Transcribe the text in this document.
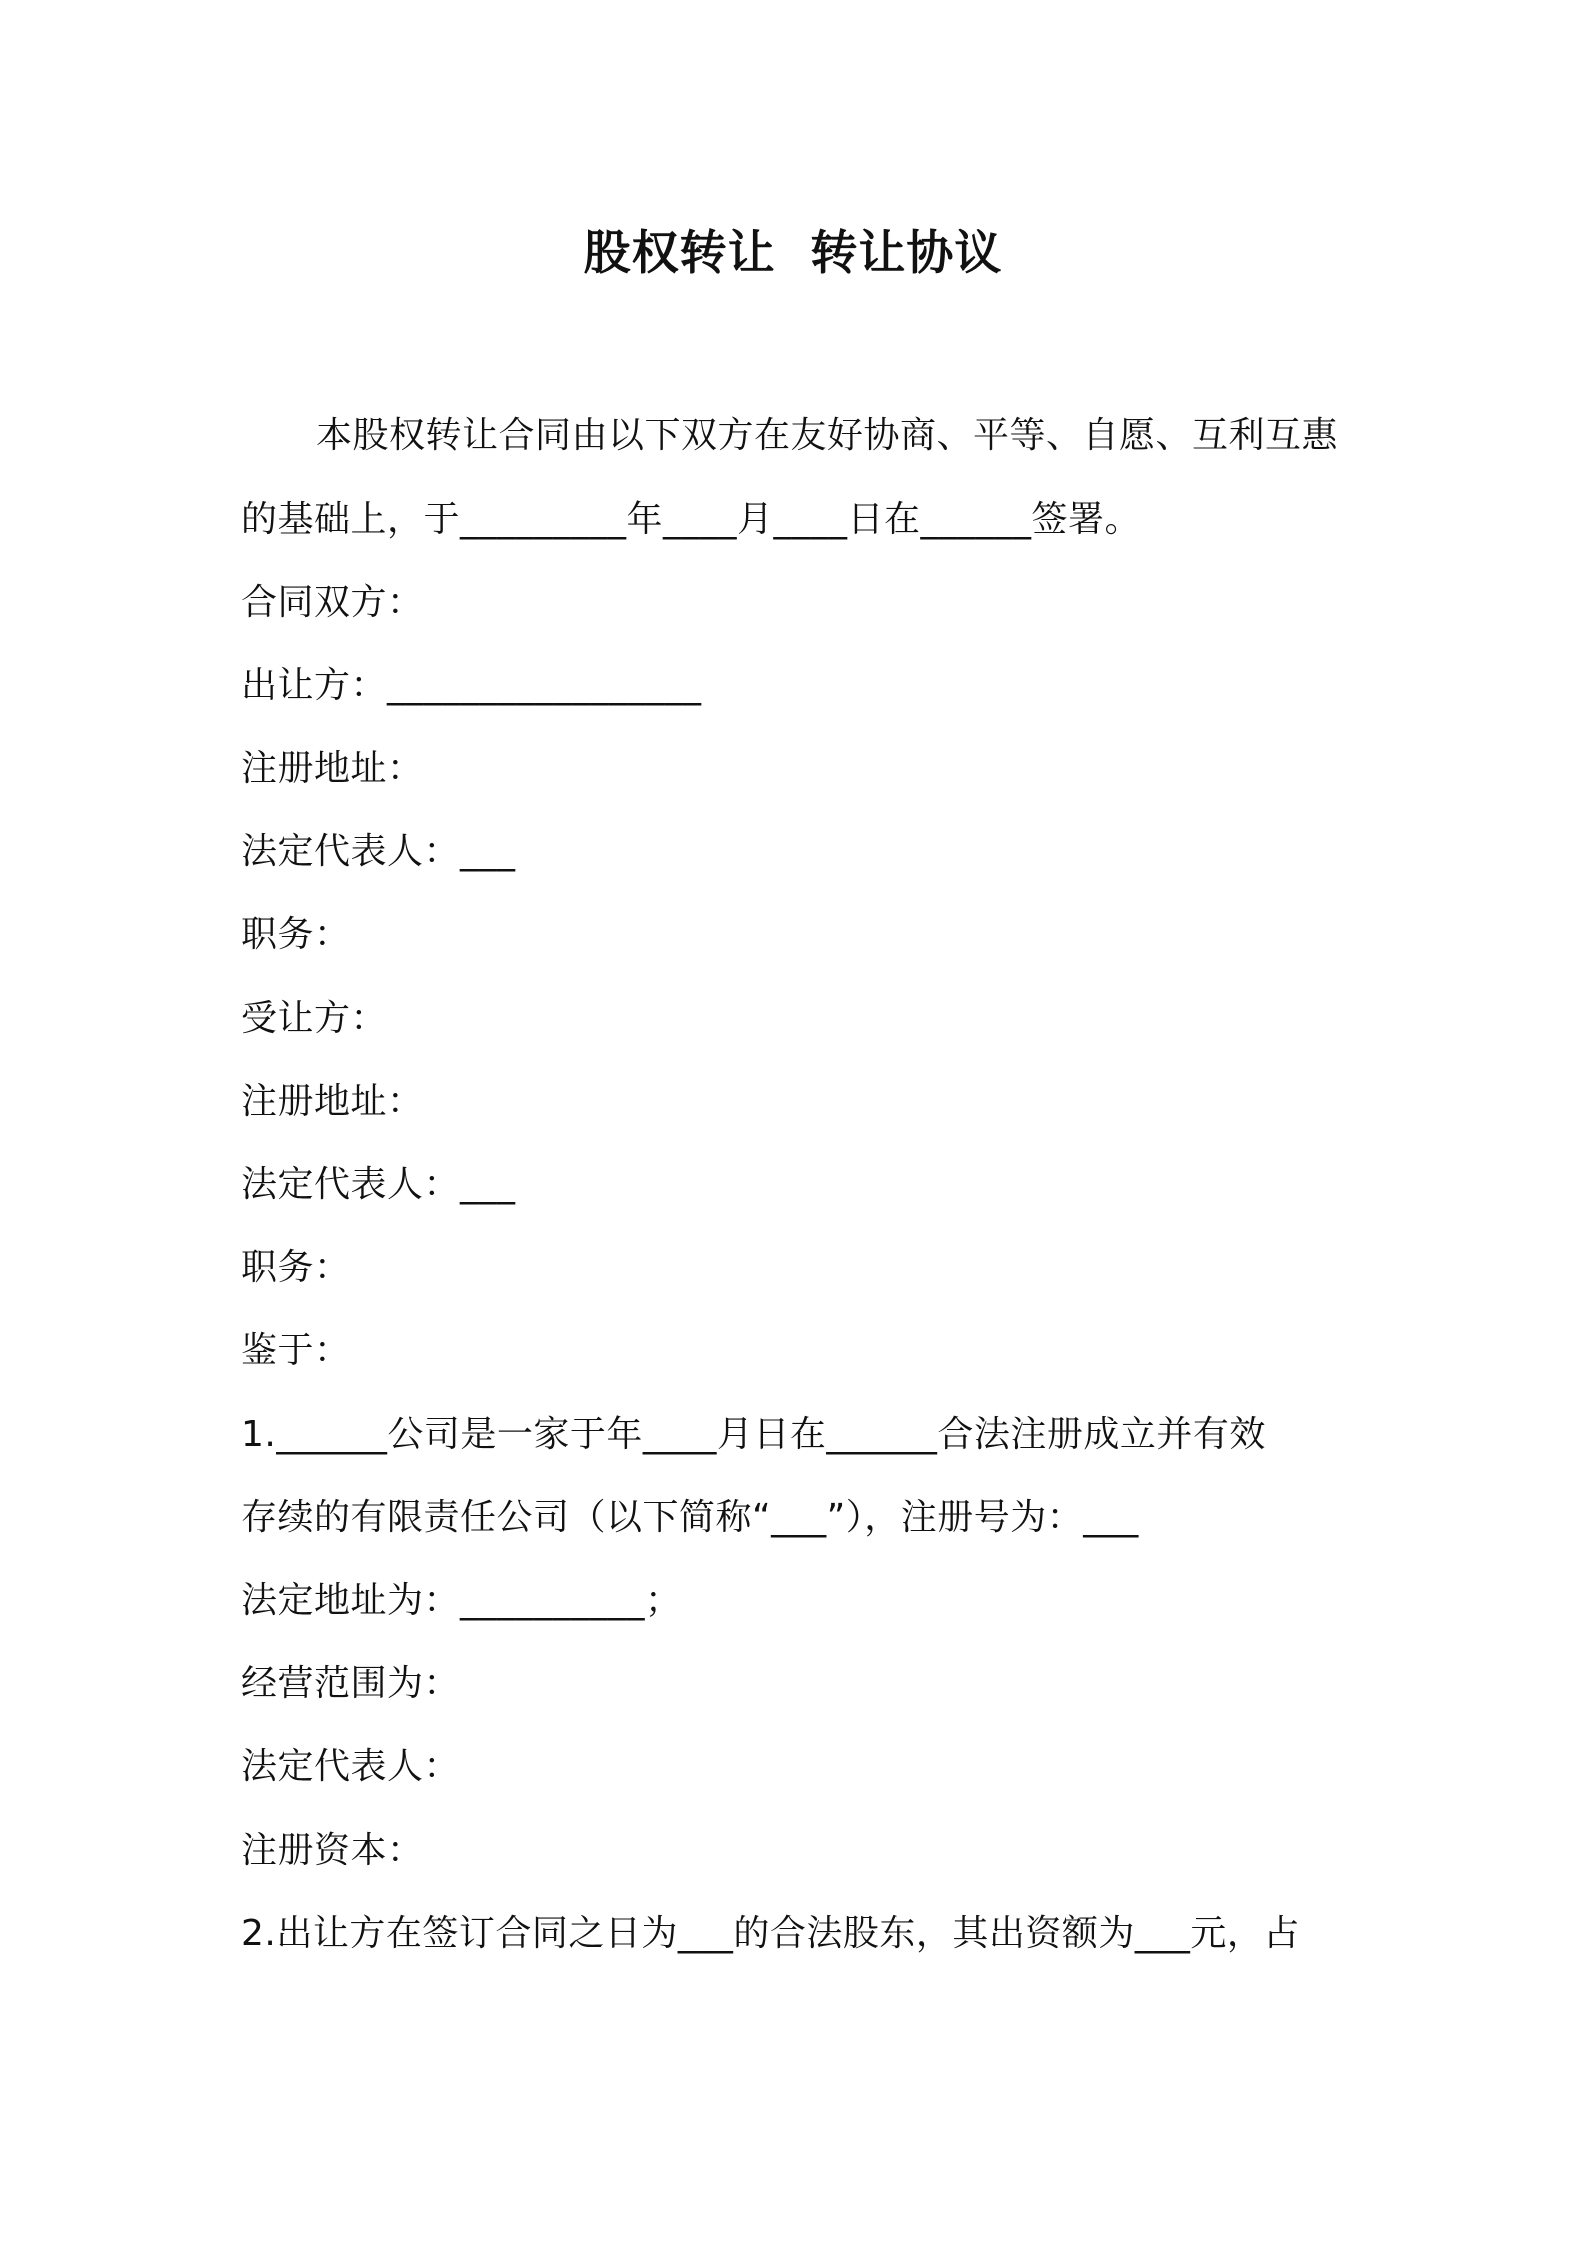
股权转让  转让协议
本股权转让合同由以下双方在友好协商、平等、自愿、互利互惠
的基础上，于_________年____月____日在______签署。
合同双方：
出让方：_________________
注册地址：
法定代表人：___
职务：
受让方：
注册地址：
法定代表人：___
职务：
鉴于：
1.______公司是一家于年____月日在______合法注册成立并有效
存续的有限责任公司（以下简称“___”），注册号为：___
法定地址为：__________；
经营范围为：
法定代表人：
注册资本：
2.出让方在签订合同之日为___的合法股东，其出资额为___元，占
